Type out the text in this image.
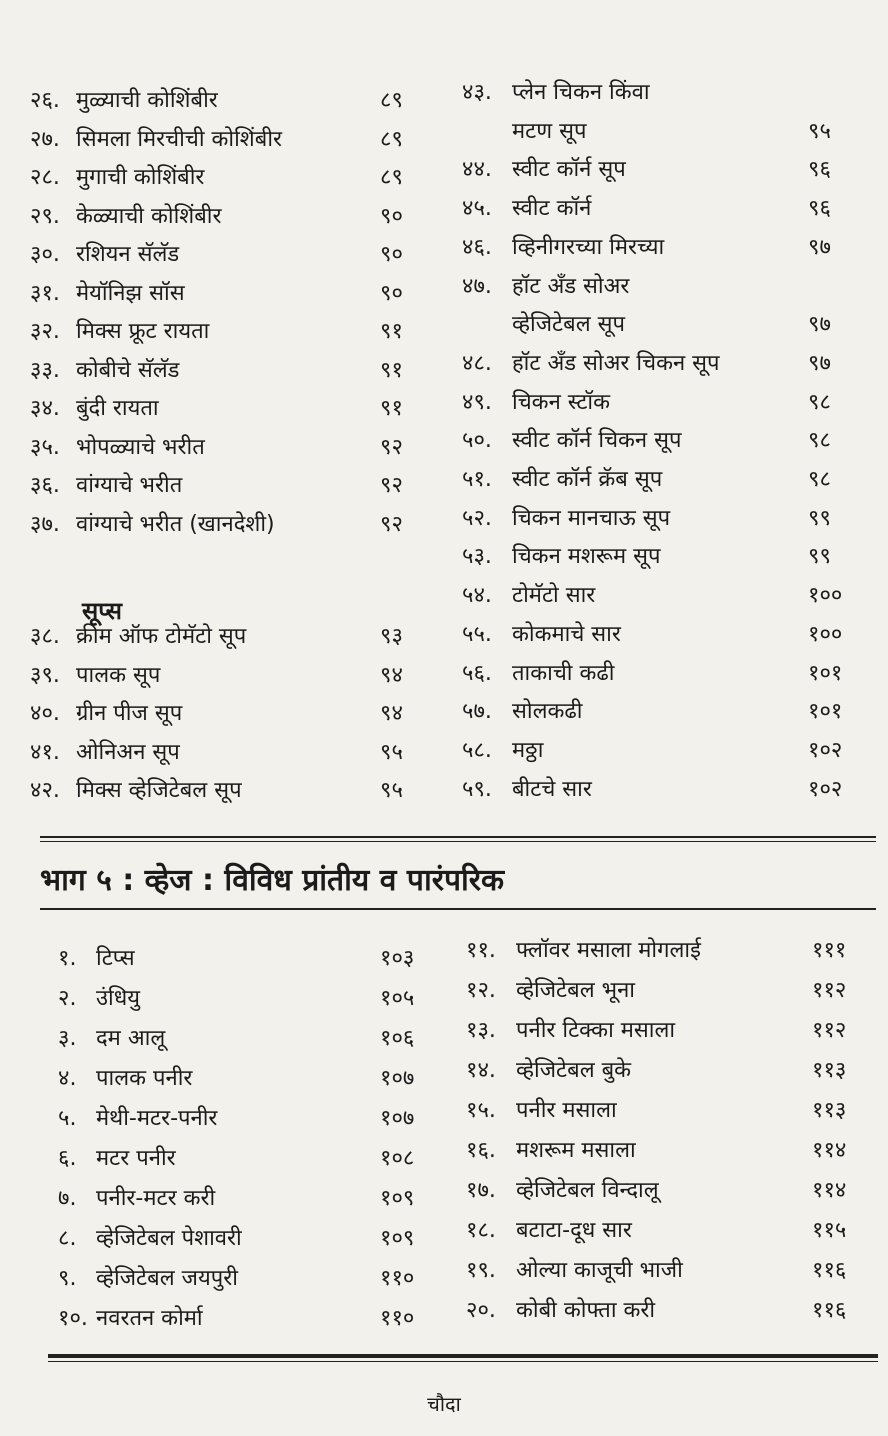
२६. मुळ्याची कोशिंबीर	८९
२७. सिमला मिरचीची कोशिंबीर	८९
२८. मुगाची कोशिंबीर	८९
२९. केळ्याची कोशिंबीर	९०
३०. रशियन सॅलॅड	९०
३१. मेयॉनिझ सॉस	९०
३२. मिक्स फ्रूट रायता	९१
३३. कोबीचे सॅलॅड	९१
३४. बुंदी रायता	९१
३५. भोपळ्याचे भरीत	९२
३६. वांग्याचे भरीत	९२
३७. वांग्याचे भरीत (खानदेशी)	९२
सूप्स
३८. क्रीम ऑफ टोमॅटो सूप	९३
३९. पालक सूप	९४
४०. ग्रीन पीज सूप	९४
४१. ओनिअन सूप	९५
४२. मिक्स व्हेजिटेबल सूप	९५
४३. प्लेन चिकन किंवा
मटण सूप	९५
४४. स्वीट कॉर्न सूप	९६
४५. स्वीट कॉर्न	९६
४६. व्हिनीगरच्या मिरच्या	९७
४७. हॉट अँड सोअर
व्हेजिटेबल सूप	९७
४८. हॉट अँड सोअर चिकन सूप	९७
४९. चिकन स्टॉक	९८
५०. स्वीट कॉर्न चिकन सूप	९८
५१. स्वीट कॉर्न क्रॅब सूप	९८
५२. चिकन मानचाऊ सूप	९९
५३. चिकन मशरूम सूप	९९
५४. टोमॅटो सार	१००
५५. कोकमाचे सार	१००
५६. ताकाची कढी	१०१
५७. सोलकढी	१०१
५८. मठ्ठा	१०२
५९. बीटचे सार	१०२
भाग ५ : व्हेज : विविध प्रांतीय व पारंपरिक
१. टिप्स	१०३
२. उंधियु	१०५
३. दम आलू	१०६
४. पालक पनीर	१०७
५. मेथी-मटर-पनीर	१०७
६. मटर पनीर	१०८
७. पनीर-मटर करी	१०९
८. व्हेजिटेबल पेशावरी	१०९
९. व्हेजिटेबल जयपुरी	११०
१०. नवरतन कोर्मा	११०
११. फ्लॉवर मसाला मोगलाई	१११
१२. व्हेजिटेबल भूना	११२
१३. पनीर टिक्का मसाला	११२
१४. व्हेजिटेबल बुके	११३
१५. पनीर मसाला	११३
१६. मशरूम मसाला	११४
१७. व्हेजिटेबल विन्दालू	११४
१८. बटाटा-दूध सार	११५
१९. ओल्या काजूची भाजी	११६
२०. कोबी कोफ्ता करी	११६
चौदा
